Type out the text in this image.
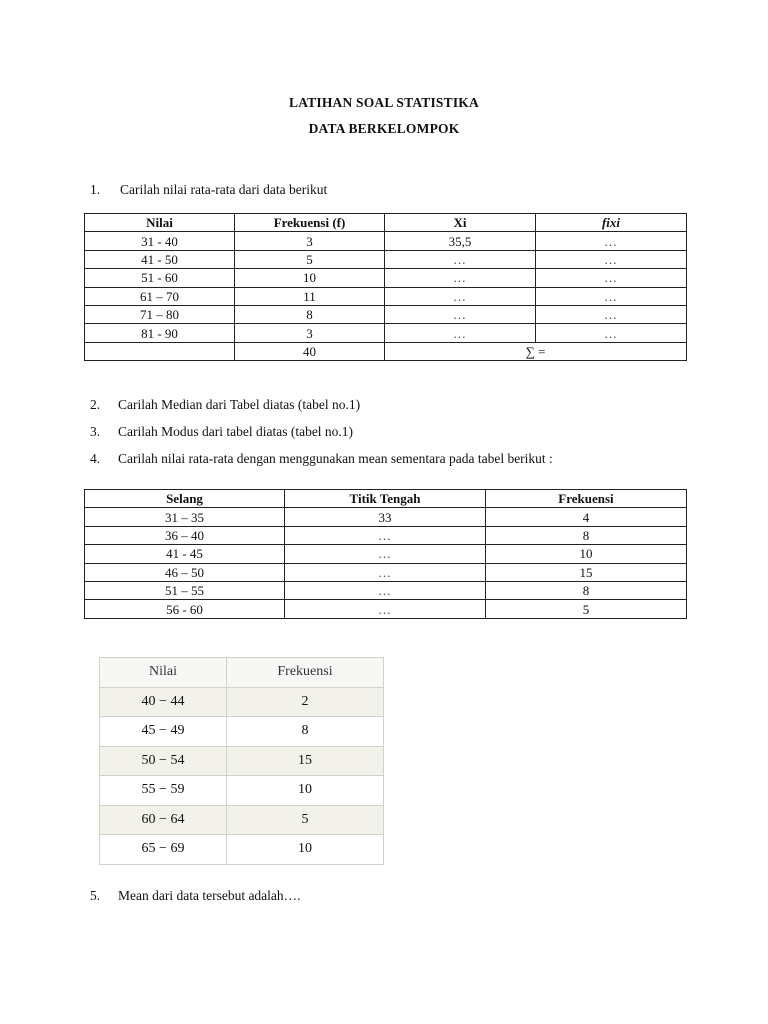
LATIHAN SOAL STATISTIKA
DATA BERKELOMPOK
1. Carilah nilai rata-rata dari data berikut
Nilai	Frekuensi (f)	Xi	fixi
31 - 40	3	35,5	…
41 - 50	5	…	…
51 - 60	10	…	…
61 – 70	11	…	…
71 – 80	8	…	…
81 - 90	3	…	…
	40	∑ =	
2. Carilah Median dari Tabel diatas (tabel no.1)
3. Carilah Modus dari tabel diatas (tabel no.1)
4. Carilah nilai rata-rata dengan menggunakan mean sementara pada tabel berikut :
Selang	Titik Tengah	Frekuensi
31 – 35	33	4
36 – 40	…	8
41 - 45	…	10
46 – 50	…	15
51 – 55	…	8
56 - 60	…	5
Nilai	Frekuensi
40 − 44	2
45 − 49	8
50 − 54	15
55 − 59	10
60 − 64	5
65 − 69	10
5. Mean dari data tersebut adalah….
